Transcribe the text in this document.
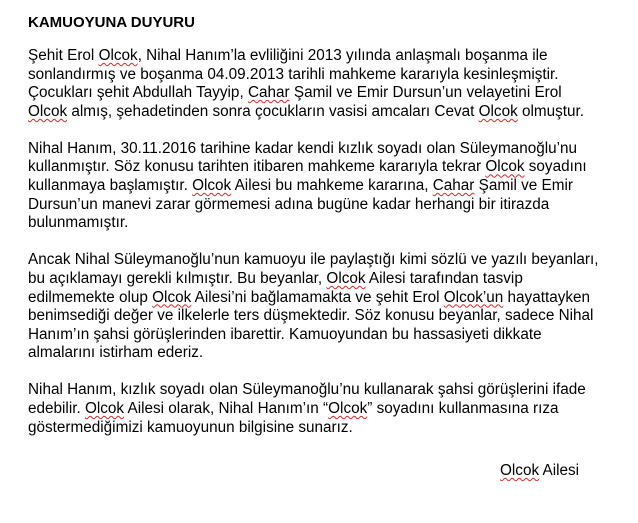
KAMUOYUNA DUYURU
Şehit Erol Olcok, Nihal Hanım’la evliliğini 2013 yılında anlaşmalı boşanma ile
sonlandırmış ve boşanma 04.09.2013 tarihli mahkeme kararıyla kesinleşmiştir.
Çocukları şehit Abdullah Tayyip, Cahar Şamil ve Emir Dursun’un velayetini Erol
Olcok almış, şehadetinden sonra çocukların vasisi amcaları Cevat Olcok olmuştur.
Nihal Hanım, 30.11.2016 tarihine kadar kendi kızlık soyadı olan Süleymanoğlu’nu
kullanmıştır. Söz konusu tarihten itibaren mahkeme kararıyla tekrar Olcok soyadını
kullanmaya başlamıştır. Olcok Ailesi bu mahkeme kararına, Cahar Şamil ve Emir
Dursun’un manevi zarar görmemesi adına bugüne kadar herhangi bir itirazda
bulunmamıştır.
Ancak Nihal Süleymanoğlu’nun kamuoyu ile paylaştığı kimi sözlü ve yazılı beyanları,
bu açıklamayı gerekli kılmıştır. Bu beyanlar, Olcok Ailesi tarafından tasvip
edilmemekte olup Olcok Ailesi’ni bağlamamakta ve şehit Erol Olcok’un hayattayken
benimsediği değer ve ilkelerle ters düşmektedir. Söz konusu beyanlar, sadece Nihal
Hanım’ın şahsi görüşlerinden ibarettir. Kamuoyundan bu hassasiyeti dikkate
almalarını istirham ederiz.
Nihal Hanım, kızlık soyadı olan Süleymanoğlu’nu kullanarak şahsi görüşlerini ifade
edebilir. Olcok Ailesi olarak, Nihal Hanım’ın “Olcok” soyadını kullanmasına rıza
göstermediğimizi kamuoyunun bilgisine sunarız.
Olcok Ailesi
